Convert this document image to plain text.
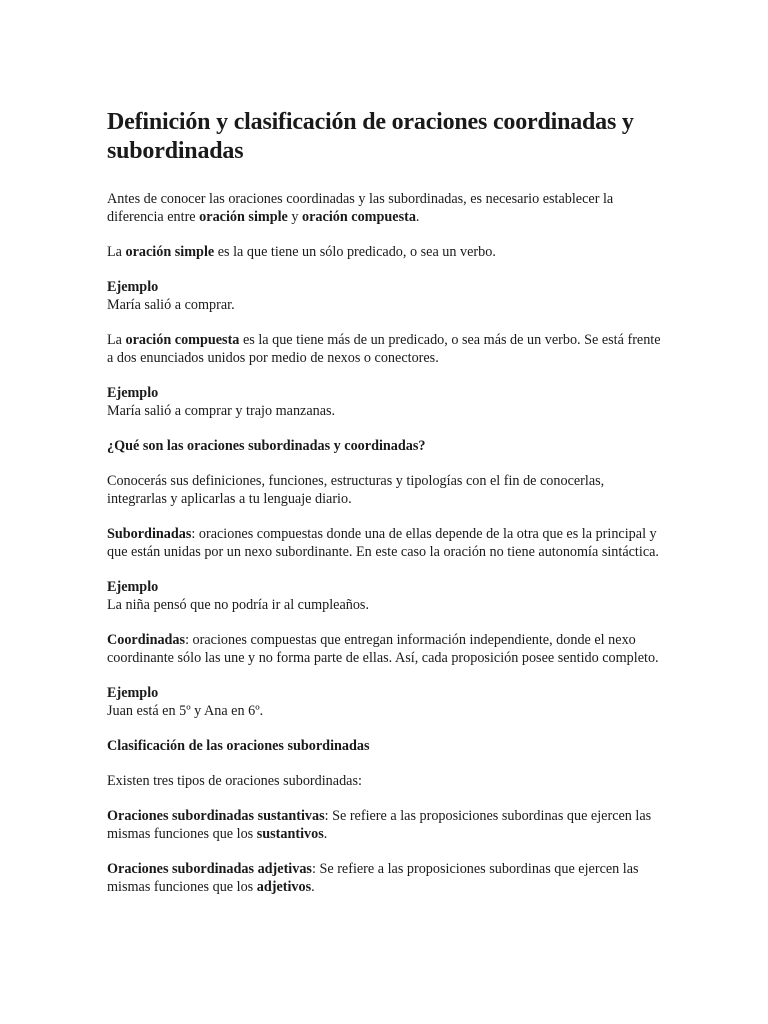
Definición y clasificación de oraciones coordinadas y subordinadas

Antes de conocer las oraciones coordinadas y las subordinadas, es necesario establecer la diferencia entre oración simple y oración compuesta.

La oración simple es la que tiene un sólo predicado, o sea un verbo.

Ejemplo

María salió a comprar.

La oración compuesta es la que tiene más de un predicado, o sea más de un verbo. Se está frente a dos enunciados unidos por medio de nexos o conectores.

Ejemplo

María salió a comprar y trajo manzanas.

¿Qué son las oraciones subordinadas y coordinadas?

Conocerás sus definiciones, funciones, estructuras y tipologías con el fin de conocerlas, integrarlas y aplicarlas a tu lenguaje diario.

Subordinadas: oraciones compuestas donde una de ellas depende de la otra que es la principal y que están unidas por un nexo subordinante. En este caso la oración no tiene autonomía sintáctica.

Ejemplo

La niña pensó que no podría ir al cumpleaños.

Coordinadas: oraciones compuestas que entregan información independiente, donde el nexo coordinante sólo las une y no forma parte de ellas. Así, cada proposición posee sentido completo.

Ejemplo

Juan está en 5º y Ana en 6º.

Clasificación de las oraciones subordinadas

Existen tres tipos de oraciones subordinadas:

Oraciones subordinadas sustantivas: Se refiere a las proposiciones subordinas que ejercen las mismas funciones que los sustantivos.

Oraciones subordinadas adjetivas: Se refiere a las proposiciones subordinas que ejercen las mismas funciones que los adjetivos.
